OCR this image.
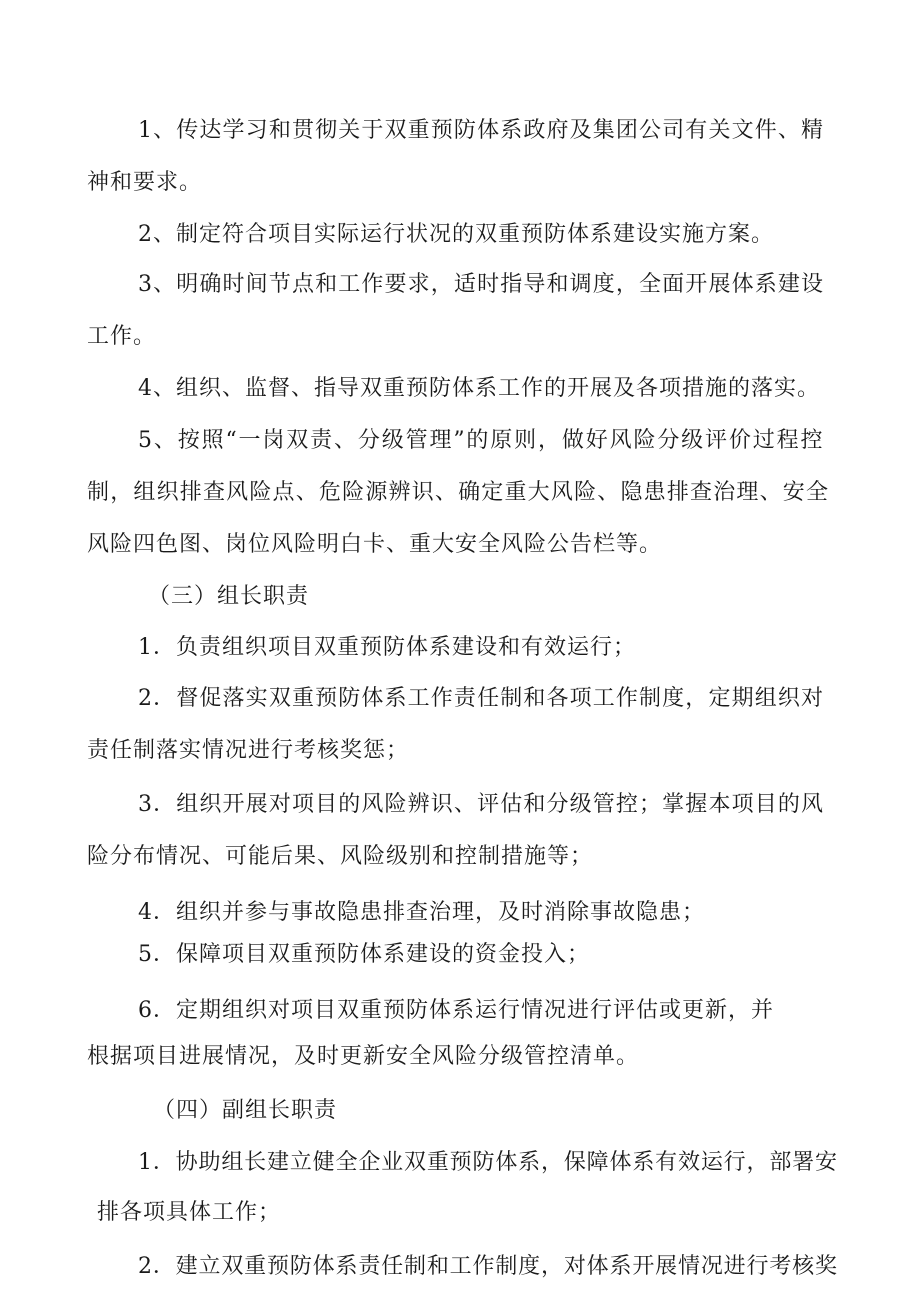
1、传达学习和贯彻关于双重预防体系政府及集团公司有关文件、精
神和要求。
2、制定符合项目实际运行状况的双重预防体系建设实施方案。
3、明确时间节点和工作要求，适时指导和调度，全面开展体系建设
工作。
4、组织、监督、指导双重预防体系工作的开展及各项措施的落实。
5、按照“一岗双责、分级管理”的原则，做好风险分级评价过程控
制，组织排查风险点、危险源辨识、确定重大风险、隐患排查治理、安全
风险四色图、岗位风险明白卡、重大安全风险公告栏等。
（三）组长职责
1．负责组织项目双重预防体系建设和有效运行；
2．督促落实双重预防体系工作责任制和各项工作制度，定期组织对
责任制落实情况进行考核奖惩；
3．组织开展对项目的风险辨识、评估和分级管控；掌握本项目的风
险分布情况、可能后果、风险级别和控制措施等；
4．组织并参与事故隐患排查治理，及时消除事故隐患；
5．保障项目双重预防体系建设的资金投入；
6．定期组织对项目双重预防体系运行情况进行评估或更新，并
根据项目进展情况，及时更新安全风险分级管控清单。
（四）副组长职责
1．协助组长建立健全企业双重预防体系，保障体系有效运行，部署安
排各项具体工作；
2．建立双重预防体系责任制和工作制度，对体系开展情况进行考核奖
